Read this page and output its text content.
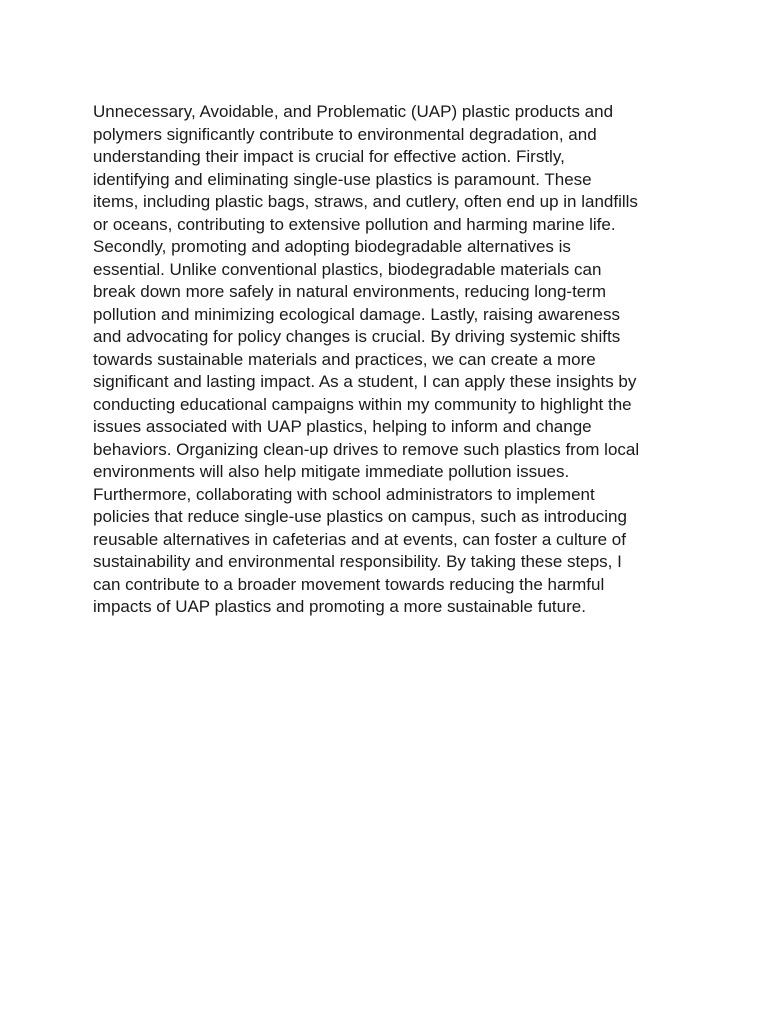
Unnecessary, Avoidable, and Problematic (UAP) plastic products and
polymers significantly contribute to environmental degradation, and
understanding their impact is crucial for effective action. Firstly,
identifying and eliminating single-use plastics is paramount. These
items, including plastic bags, straws, and cutlery, often end up in landfills
or oceans, contributing to extensive pollution and harming marine life.
Secondly, promoting and adopting biodegradable alternatives is
essential. Unlike conventional plastics, biodegradable materials can
break down more safely in natural environments, reducing long-term
pollution and minimizing ecological damage. Lastly, raising awareness
and advocating for policy changes is crucial. By driving systemic shifts
towards sustainable materials and practices, we can create a more
significant and lasting impact. As a student, I can apply these insights by
conducting educational campaigns within my community to highlight the
issues associated with UAP plastics, helping to inform and change
behaviors. Organizing clean-up drives to remove such plastics from local
environments will also help mitigate immediate pollution issues.
Furthermore, collaborating with school administrators to implement
policies that reduce single-use plastics on campus, such as introducing
reusable alternatives in cafeterias and at events, can foster a culture of
sustainability and environmental responsibility. By taking these steps, I
can contribute to a broader movement towards reducing the harmful
impacts of UAP plastics and promoting a more sustainable future.
